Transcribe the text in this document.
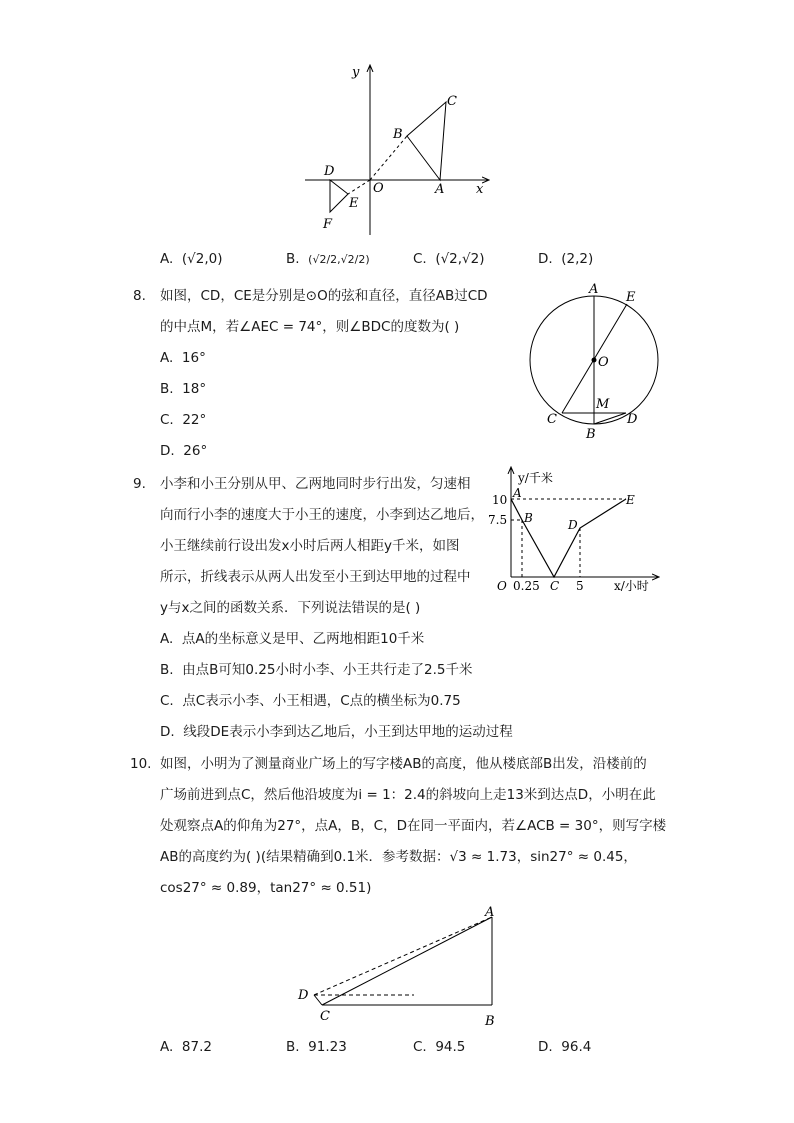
y
x
O	A
B
C
D
E
F
A. (√2,0)	B. (√2/2,√2/2)	C. (√2,√2)	D. (2,2)
8. 如图，CD，CE是分别是⊙O的弦和直径，直径AB过CD
的中点M，若∠AEC = 74°，则∠BDC的度数为( )
A. 16°
B. 18°
C. 22°
D. 26°
A
E
O
M
C
B
D
9. 小李和小王分别从甲、乙两地同时步行出发，匀速相
向而行小李的速度大于小王的速度，小李到达乙地后，
小王继续前行设出发x小时后两人相距y千米，如图
所示，折线表示从两人出发至小王到达甲地的过程中
y与x之间的函数关系．下列说法错误的是( )
A. 点A的坐标意义是甲、乙两地相距10千米
B. 由点B可知0.25小时小李、小王共行走了2.5千米
C. 点C表示小李、小王相遇，C点的横坐标为0.75
D. 线段DE表示小李到达乙地后，小王到达甲地的运动过程
y/千米
x/小时
O
10
7.5
0.25	5
A
B
C
D
E
10. 如图，小明为了测量商业广场上的写字楼AB的高度，他从楼底部B出发，沿楼前的
广场前进到点C，然后他沿坡度为i = 1：2.4的斜坡向上走13米到达点D，小明在此
处观察点A的仰角为27°，点A，B，C，D在同一平面内，若∠ACB = 30°，则写字楼
AB的高度约为( )(结果精确到0.1米．参考数据：√3 ≈ 1.73，sin27° ≈ 0.45，
cos27° ≈ 0.89，tan27° ≈ 0.51)
A
D
C	B
A. 87.2	B. 91.23	C. 94.5	D. 96.4
